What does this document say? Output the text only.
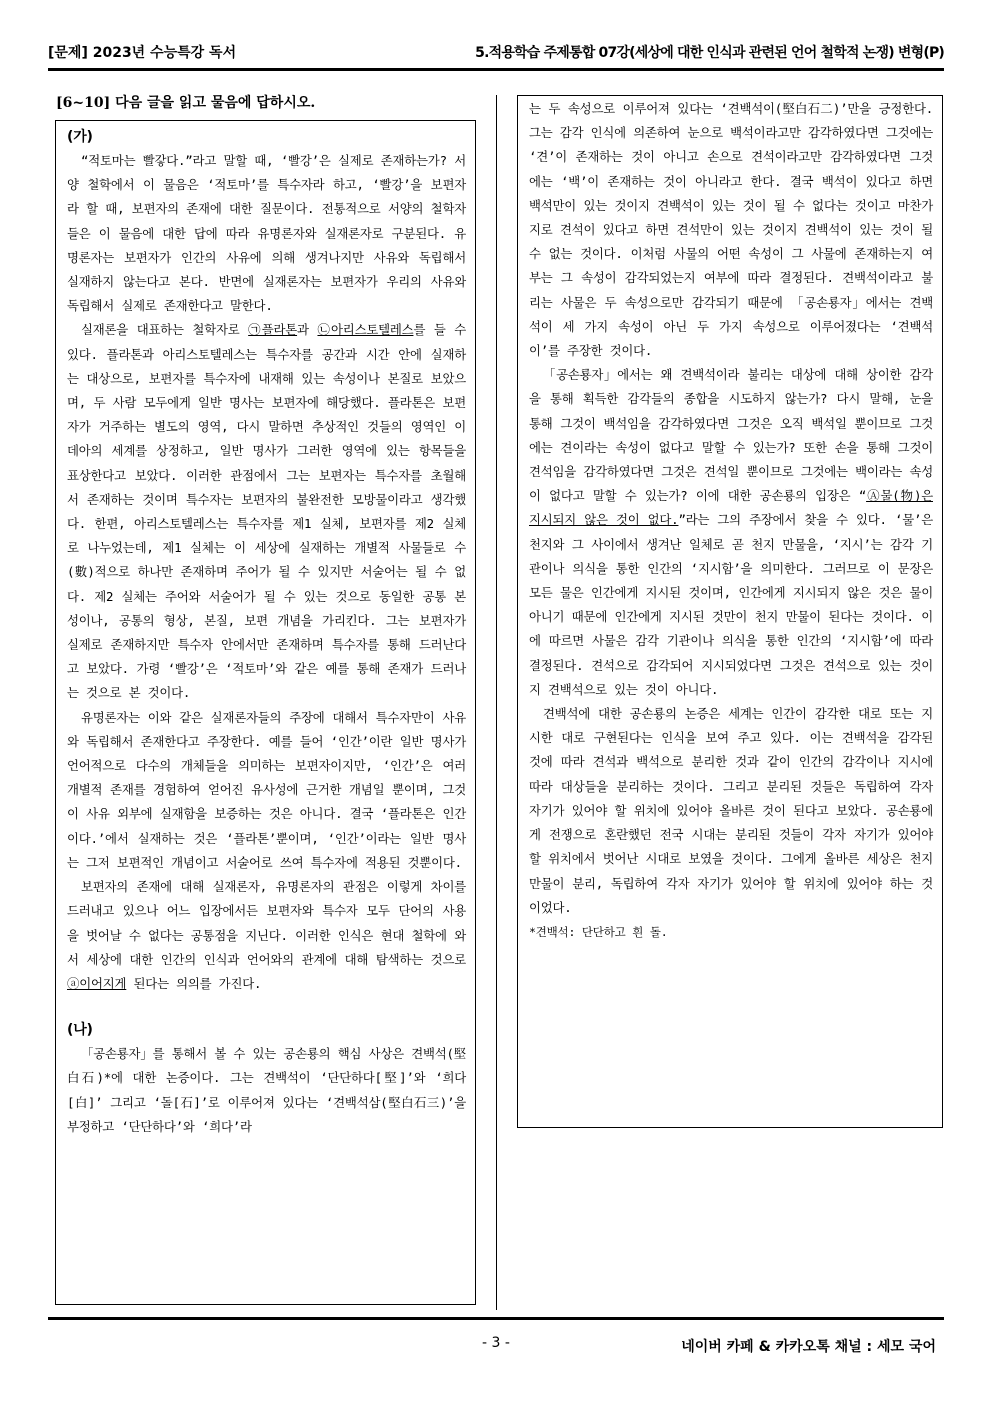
[문제] 2023년 수능특강 독서	5.적용학습 주제통합 07강(세상에 대한 인식과 관련된 언어 철학적 논쟁) 변형(P)
[6~10] 다음 글을 읽고 물음에 답하시오.
(가)

“적토마는 빨갛다.”라고 말할 때, ‘빨강’은 실제로 존재하는가? 서양 철학에서 이 물음은 ‘적토마’를 특수자라 하고, ‘빨강’을 보편자라 할 때, 보편자의 존재에 대한 질문이다. 전통적으로 서양의 철학자들은 이 물음에 대한 답에 따라 유명론자와 실재론자로 구분된다. 유명론자는 보편자가 인간의 사유에 의해 생겨나지만 사유와 독립해서 실재하지 않는다고 본다. 반면에 실재론자는 보편자가 우리의 사유와 독립해서 실제로 존재한다고 말한다.

실재론을 대표하는 철학자로 ㉠플라톤과 ㉡아리스토텔레스를 들 수 있다. 플라톤과 아리스토텔레스는 특수자를 공간과 시간 안에 실재하는 대상으로, 보편자를 특수자에 내재해 있는 속성이나 본질로 보았으며, 두 사람 모두에게 일반 명사는 보편자에 해당했다. 플라톤은 보편자가 거주하는 별도의 영역, 다시 말하면 추상적인 것들의 영역인 이데아의 세계를 상정하고, 일반 명사가 그러한 영역에 있는 항목들을 표상한다고 보았다. 이러한 관점에서 그는 보편자는 특수자를 초월해서 존재하는 것이며 특수자는 보편자의 불완전한 모방물이라고 생각했다. 한편, 아리스토텔레스는 특수자를 제1 실체, 보편자를 제2 실체로 나누었는데, 제1 실체는 이 세상에 실재하는 개별적 사물들로 수(數)적으로 하나만 존재하며 주어가 될 수 있지만 서술어는 될 수 없다. 제2 실체는 주어와 서술어가 될 수 있는 것으로 동일한 공통 본성이나, 공통의 형상, 본질, 보편 개념을 가리킨다. 그는 보편자가 실제로 존재하지만 특수자 안에서만 존재하며 특수자를 통해 드러난다고 보았다. 가령 ‘빨강’은 ‘적토마’와 같은 예를 통해 존재가 드러나는 것으로 본 것이다.

유명론자는 이와 같은 실재론자들의 주장에 대해서 특수자만이 사유와 독립해서 존재한다고 주장한다. 예를 들어 ‘인간’이란 일반 명사가 언어적으로 다수의 개체들을 의미하는 보편자이지만, ‘인간’은 여러 개별적 존재를 경험하여 얻어진 유사성에 근거한 개념일 뿐이며, 그것이 사유 외부에 실재함을 보증하는 것은 아니다. 결국 ‘플라톤은 인간이다.’에서 실재하는 것은 ‘플라톤’뿐이며, ‘인간’이라는 일반 명사는 그저 보편적인 개념이고 서술어로 쓰여 특수자에 적용된 것뿐이다.

보편자의 존재에 대해 실재론자, 유명론자의 관점은 이렇게 차이를 드러내고 있으나 어느 입장에서든 보편자와 특수자 모두 단어의 사용을 벗어날 수 없다는 공통점을 지닌다. 이러한 인식은 현대 철학에 와서 세상에 대한 인간의 인식과 언어와의 관계에 대해 탐색하는 것으로 ⓐ이어지게 된다는 의의를 가진다.

(나)

「공손룡자」를 통해서 볼 수 있는 공손룡의 핵심 사상은 견백석(堅白石)*에 대한 논증이다. 그는 견백석이 ‘단단하다[堅]’와 ‘희다[白]’ 그리고 ‘돌[石]’로 이루어져 있다는 ‘견백석삼(堅白石三)’을 부정하고 ‘단단하다’와 ‘희다’라

는 두 속성으로 이루어져 있다는 ‘견백석이(堅白石二)’만을 긍정한다. 그는 감각 인식에 의존하여 눈으로 백석이라고만 감각하였다면 그것에는 ‘견’이 존재하는 것이 아니고 손으로 견석이라고만 감각하였다면 그것에는 ‘백’이 존재하는 것이 아니라고 한다. 결국 백석이 있다고 하면 백석만이 있는 것이지 견백석이 있는 것이 될 수 없다는 것이고 마찬가지로 견석이 있다고 하면 견석만이 있는 것이지 견백석이 있는 것이 될 수 없는 것이다. 이처럼 사물의 어떤 속성이 그 사물에 존재하는지 여부는 그 속성이 감각되었는지 여부에 따라 결정된다. 견백석이라고 불리는 사물은 두 속성으로만 감각되기 때문에 「공손룡자」에서는 견백석이 세 가지 속성이 아닌 두 가지 속성으로 이루어졌다는 ‘견백석이’를 주장한 것이다.

「공손룡자」에서는 왜 견백석이라 불리는 대상에 대해 상이한 감각을 통해 획득한 감각들의 종합을 시도하지 않는가? 다시 말해, 눈을 통해 그것이 백석임을 감각하였다면 그것은 오직 백석일 뿐이므로 그것에는 견이라는 속성이 없다고 말할 수 있는가? 또한 손을 통해 그것이 견석임을 감각하였다면 그것은 견석일 뿐이므로 그것에는 백이라는 속성이 없다고 말할 수 있는가? 이에 대한 공손룡의 입장은 “Ⓐ물(物)은 지시되지 않은 것이 없다.”라는 그의 주장에서 찾을 수 있다. ‘물’은 천지와 그 사이에서 생겨난 일체로 곧 천지 만물을, ‘지시’는 감각 기관이나 의식을 통한 인간의 ‘지시함’을 의미한다. 그러므로 이 문장은 모든 물은 인간에게 지시된 것이며, 인간에게 지시되지 않은 것은 물이 아니기 때문에 인간에게 지시된 것만이 천지 만물이 된다는 것이다. 이에 따르면 사물은 감각 기관이나 의식을 통한 인간의 ‘지시함’에 따라 결정된다. 견석으로 감각되어 지시되었다면 그것은 견석으로 있는 것이지 견백석으로 있는 것이 아니다.

견백석에 대한 공손룡의 논증은 세계는 인간이 감각한 대로 또는 지시한 대로 구현된다는 인식을 보여 주고 있다. 이는 견백석을 감각된 것에 따라 견석과 백석으로 분리한 것과 같이 인간의 감각이나 지시에 따라 대상들을 분리하는 것이다. 그리고 분리된 것들은 독립하여 각자 자기가 있어야 할 위치에 있어야 올바른 것이 된다고 보았다. 공손룡에게 전쟁으로 혼란했던 전국 시대는 분리된 것들이 각자 자기가 있어야 할 위치에서 벗어난 시대로 보였을 것이다. 그에게 올바른 세상은 천지 만물이 분리, 독립하여 각자 자기가 있어야 할 위치에 있어야 하는 것이었다.

*견백석: 단단하고 흰 돌.

- 3 -	네이버 카페 & 카카오톡 채널 : 세모 국어
